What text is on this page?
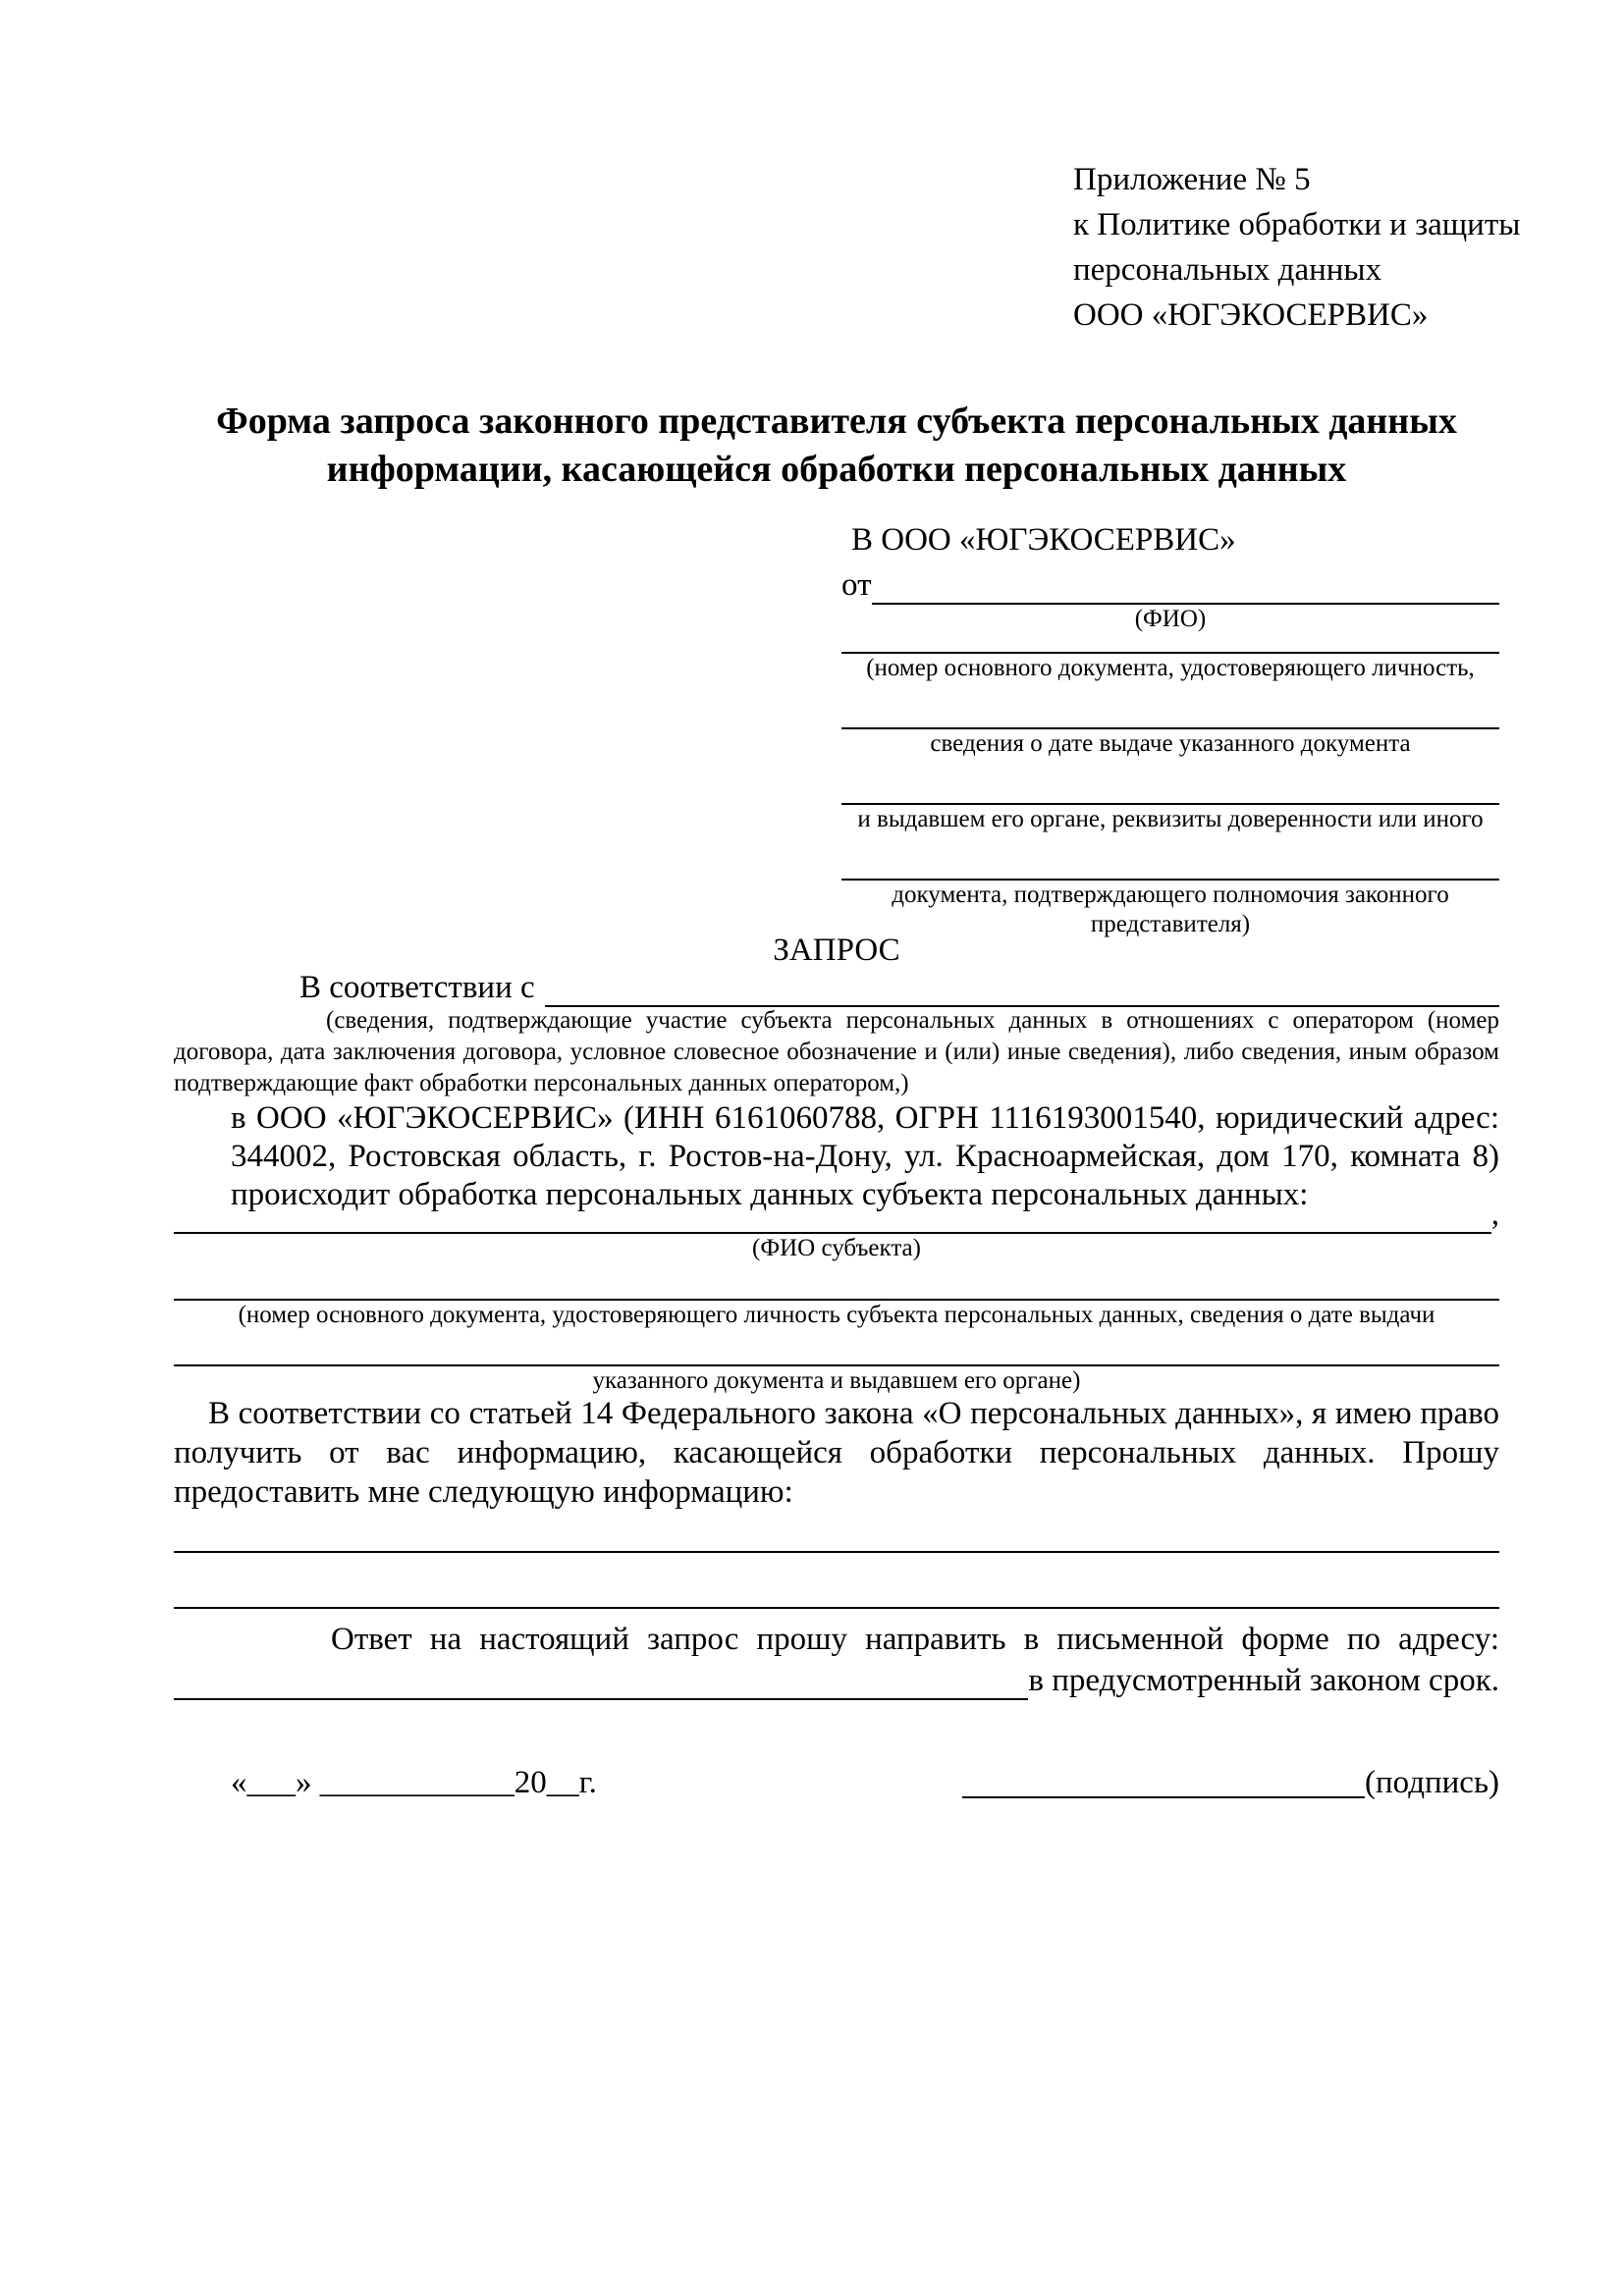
Приложение № 5
к Политике обработки и защиты
персональных данных
ООО «ЮГЭКОСЕРВИС»
Форма запроса законного представителя субъекта персональных данных
информации, касающейся обработки персональных данных
В ООО «ЮГЭКОСЕРВИС»
от
(ФИО)
(номер основного документа, удостоверяющего личность,
сведения о дате выдаче указанного документа
и выдавшем его органе, реквизиты доверенности или иного
документа, подтверждающего полномочия законного представителя)
ЗАПРОС
В соответствии с
(сведения, подтверждающие участие субъекта персональных данных в отношениях с оператором (номер договора, дата заключения договора, условное словесное обозначение и (или) иные сведения), либо сведения, иным образом подтверждающие факт обработки персональных данных оператором,)
в ООО «ЮГЭКОСЕРВИС» (ИНН 6161060788, ОГРН 1116193001540, юридический адрес: 344002, Ростовская область, г. Ростов-на-Дону, ул. Красноармейская, дом 170, комната 8) происходит обработка персональных данных субъекта персональных данных:
,
(ФИО субъекта)
(номер основного документа, удостоверяющего личность субъекта персональных данных, сведения о дате выдачи
указанного документа и выдавшем его органе)
В соответствии со статьей 14 Федерального закона «О персональных данных», я имею право получить от вас информацию, касающейся обработки персональных данных. Прошу предоставить мне следующую информацию:
Ответ на настоящий запрос прошу направить в письменной форме по адресу:
в предусмотренный законом срок.
«___» ____________20__г.	(подпись)
